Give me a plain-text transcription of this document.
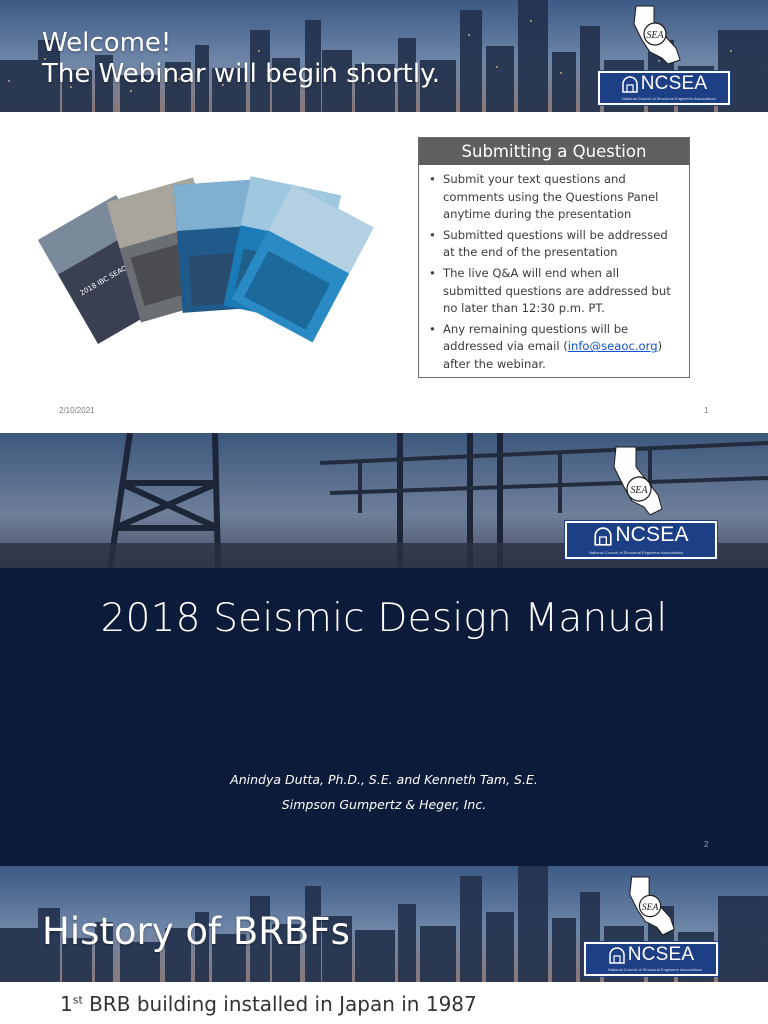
Welcome!
The Webinar will begin shortly.
SEA
NCSEA
National Council of Structural Engineers Associations
2018 IBC SEAOC
Submitting a Question
• Submit your text questions and comments using the Questions Panel anytime during the presentation
• Submitted questions will be addressed at the end of the presentation
• The live Q&A will end when all submitted questions are addressed but no later than 12:30 p.m. PT.
• Any remaining questions will be addressed via email (info@seaoc.org) after the webinar.
2/10/2021	1
SEA
NCSEA
National Council of Structural Engineers Associations
2018 Seismic Design Manual
Anindya Dutta, Ph.D., S.E. and Kenneth Tam, S.E.
Simpson Gumpertz & Heger, Inc.
2
History of BRBFs
SEA
NCSEA
National Council of Structural Engineers Associations
1st BRB building installed in Japan in 1987
